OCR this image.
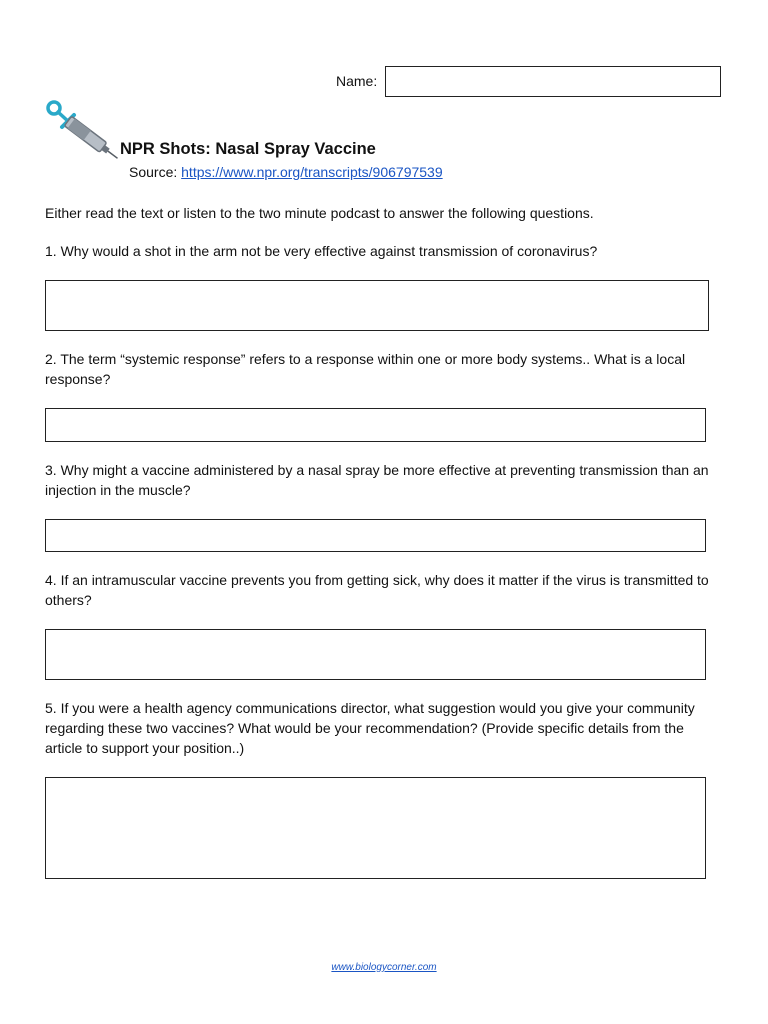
Name:
NPR Shots: Nasal Spray Vaccine
Source: https://www.npr.org/transcripts/906797539
Either read the text or listen to the two minute podcast to answer the following questions.
1. Why would a shot in the arm not be very effective against transmission of coronavirus?
2. The term “systemic response” refers to a response within one or more body systems.. What is a local response?
3. Why might a vaccine administered by a nasal spray be more effective at preventing transmission than an injection in the muscle?
4. If an intramuscular vaccine prevents you from getting sick, why does it matter if the virus is transmitted to others?
5. If you were a health agency communications director, what suggestion would you give your community regarding these two vaccines? What would be your recommendation? (Provide specific details from the article to support your position..)
www.biologycorner.com
